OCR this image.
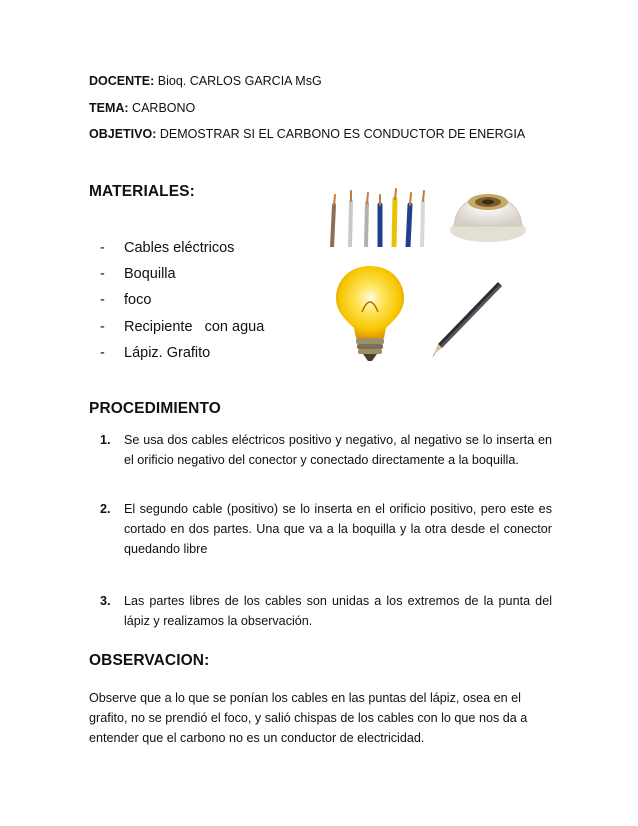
DOCENTE: Bioq. CARLOS GARCIA MsG
TEMA: CARBONO
OBJETIVO: DEMOSTRAR SI EL CARBONO ES CONDUCTOR DE ENERGIA
MATERIALES:
-	Cables eléctricos
-	Boquilla
-	foco
-	Recipiente   con agua
-	Lápiz. Grafito
PROCEDIMIENTO
1. Se usa dos cables eléctricos positivo y negativo, al negativo se lo inserta en el orificio negativo del conector y conectado directamente a la boquilla.
2. El segundo cable (positivo) se lo inserta en el orificio positivo, pero este es cortado en dos partes. Una que va a la boquilla y la otra desde el conector quedando libre
3. Las partes libres de los cables son unidas a los extremos de la punta del lápiz y realizamos la observación.
OBSERVACION:
Observe que a lo que se ponían los cables en las puntas del lápiz, osea en el grafito, no se prendió el foco, y salió chispas de los cables con lo que nos da a entender que el carbono no es un conductor de electricidad.
